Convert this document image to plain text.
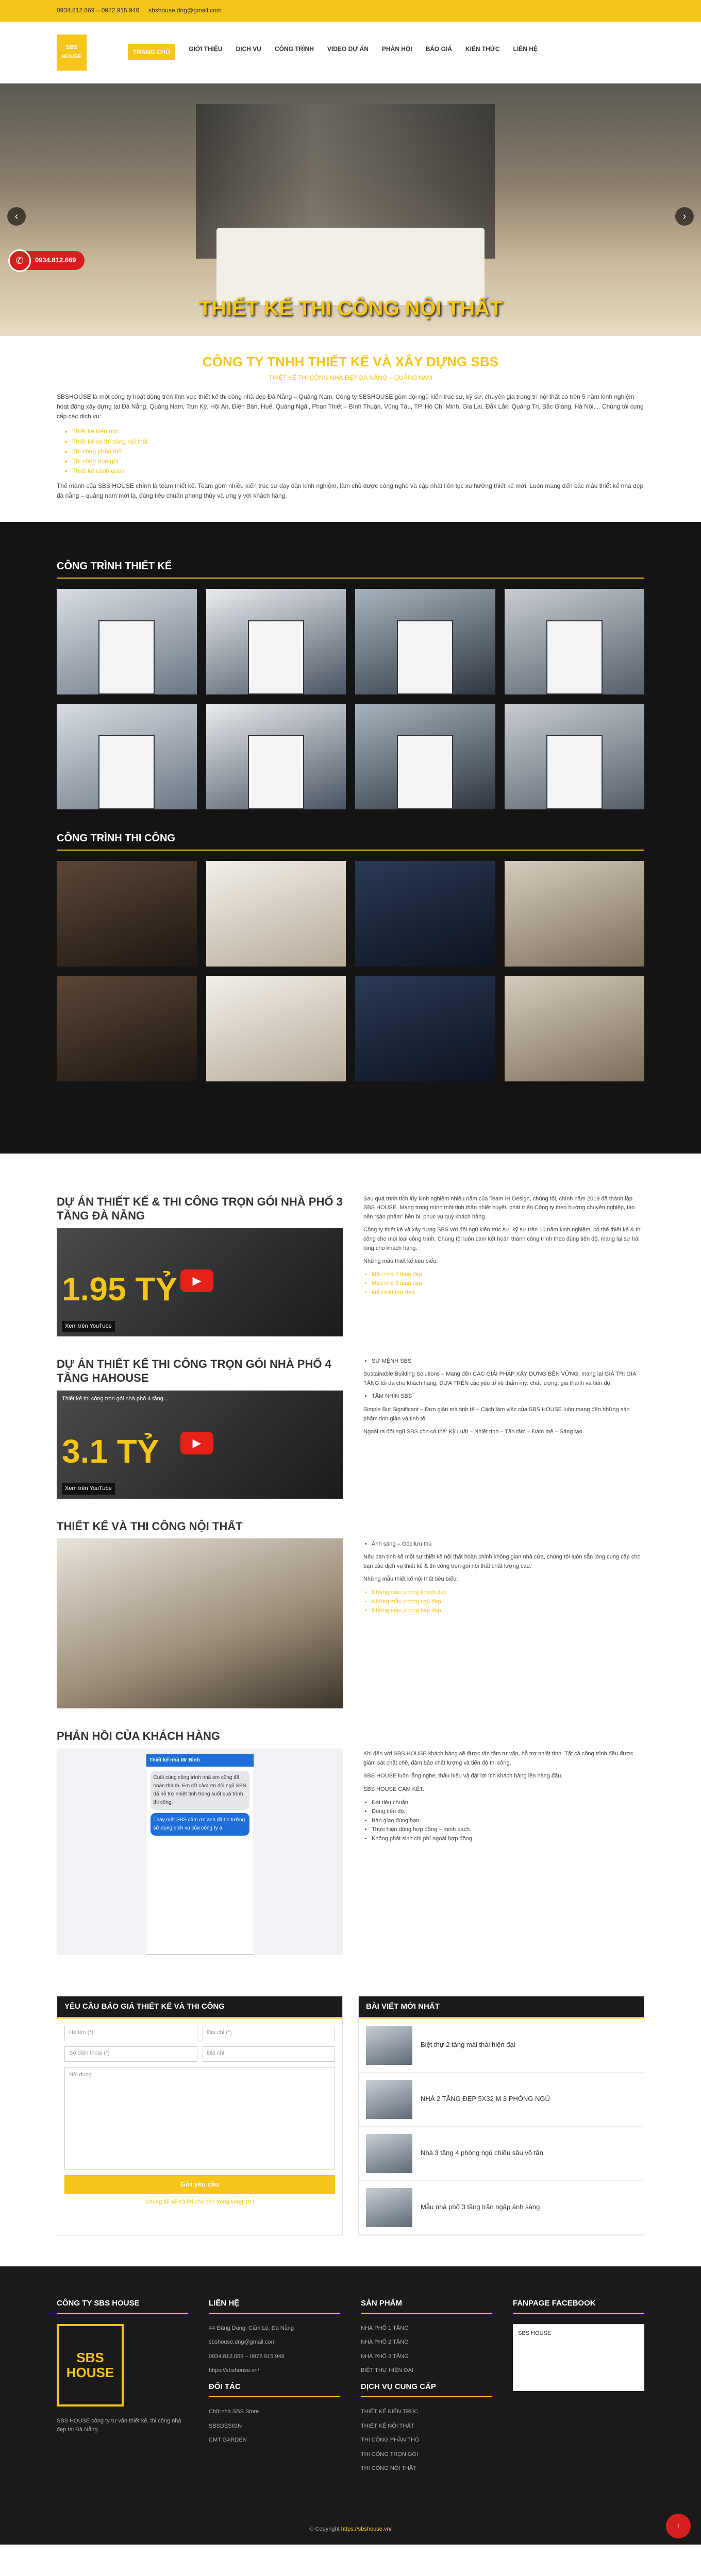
0934.812.669 – 0972.915.946 sbshouse.dng@gmail.com
SBS HOUSE
TRANG CHỦ	GIỚI THIỆU DỊCH VỤ CÔNG TRÌNH VIDEO DỰ ÁN PHẢN HỒI BÁO GIÁ KIẾN THỨC LIÊN HỆ
‹	›
✆	0934.812.669
THIẾT KẾ THI CÔNG NỘI THẤT
CÔNG TY TNHH THIẾT KẾ VÀ XÂY DỰNG SBS
THIẾT KẾ THI CÔNG NHÀ ĐẸP ĐÀ NẴNG – QUẢNG NAM

SBSHOUSE là một công ty hoạt động trên lĩnh vực thiết kế thi công nhà đẹp Đà Nẵng – Quảng Nam. Công ty SBSHOUSE gồm đội ngũ kiến trúc sư, kỹ sư, chuyên gia trong trí nội thất có trên 5 năm kinh nghiệm hoạt động xây dựng tại Đà Nẵng, Quảng Nam, Tam Kỳ, Hội An, Điện Bàn, Huế, Quảng Ngãi, Phan Thiết – Bình Thuận, Vũng Tàu, TP. Hồ Chí Minh, Gia Lai, Đắk Lắk, Quảng Trị, Bắc Giang, Hà Nội,... Chúng tôi cung cấp các dịch vụ:

• Thiết kế kiến trúc
• Thiết kế và thi công nội thất
• Thi công phần thô
• Thi công trọn gói
• Thiết kế cảnh quan

Thế mạnh của SBS HOUSE chính là team thiết kế. Team gồm nhiều kiến trúc sư dày dặn kinh nghiệm, làm chủ được công nghệ và cập nhật liên tục xu hướng thiết kế mới. Luôn mang đến các mẫu thiết kế nhà đẹp đà nẵng – quảng nam mới lạ, đúng tiêu chuẩn phong thủy và ưng ý với khách hàng.

CÔNG TRÌNH THIẾT KẾ
CÔNG TRÌNH THI CÔNG
DỰ ÁN THIẾT KẾ & THI CÔNG TRỌN GÓI NHÀ PHỐ 3 TẦNG ĐÀ NẴNG
1.95 TỶ	▶
Xem trên YouTube

Sau quá trình tích lũy kinh nghiệm nhiều năm của Team IH Design, chúng tôi, chính năm 2019 đã thành lập SBS HOUSE. Mang trong mình một tinh thần nhiệt huyết, phát triển Công ty theo hướng chuyên nghiệp, tạo nên “sản phẩm” bền bỉ, phục vụ quý khách hàng.

Công ty thiết kế và xây dựng SBS với đội ngũ kiến trúc sư, kỹ sư trên 10 năm kinh nghiệm, có thể thiết kế & thi công cho mọi loại công trình. Chúng tôi luôn cam kết hoàn thành công trình theo đúng tiến độ, mang lại sự hài lòng cho khách hàng.

Những mẫu thiết kế tiêu biểu:

• Mẫu nhà 2 tầng đẹp
• Mẫu nhà 3 tầng đẹp
• Mẫu biệt thự đẹp
DỰ ÁN THIẾT KẾ THI CÔNG TRỌN GÓI NHÀ PHỐ 4 TẦNG HAHOUSE
Thiết kế thi công trọn gói nhà phố 4 tầng...
3.1 TỶ	▶
Xem trên YouTube
• SỨ MỆNH SBS

Sustainable Building Solutions – Mang đến CÁC GIẢI PHÁP XÂY DỰNG BỀN VỮNG, mang lại GIÁ TRỊ GIA TĂNG tối đa cho khách hàng, DỰA TRÊN các yếu tố về thẩm mỹ, chất lượng, giá thành và tiến độ.

• TẦM NHÌN SBS

Simple But Significant – Đơn giản mà tinh tế – Cách làm việc của SBS HOUSE luôn mang đến những sản phẩm tinh giản và tinh tế.

Ngoài ra đội ngũ SBS còn có thể: Kỹ Luật – Nhiệt tình – Tận tâm – Đam mê – Sáng tạo.

THIẾT KẾ VÀ THI CÔNG NỘI THẤT
• Ánh sáng – Góc lưu thú

Nếu bạn tính kế một sự thiết kế nội thất hoàn chỉnh không gian nhà cửa, chúng tôi luôn sẵn lòng cung cấp cho bạn các dịch vụ thiết kế & thi công trọn gói nội thất chất lượng cao.

Những mẫu thiết kế nội thất tiêu biểu:

• Những mẫu phòng khách đẹp
• Những mẫu phòng ngủ đẹp
• Những mẫu phòng bếp đẹp
PHẢN HỒI CỦA KHÁCH HÀNG
Thiết kế nhà Mr Bình
Cuối cùng công trình nhà em cũng đã hoàn thành. Em rất cảm ơn đội ngũ SBS đã hỗ trợ nhiệt tình trong suốt quá trình thi công.
Thay mặt SBS cảm ơn anh đã tin tưởng sử dụng dịch vụ của công ty ạ.

Khi đến với SBS HOUSE khách hàng sẽ được tận tâm tư vấn, hỗ trợ nhiệt tình. Tất cả công trình đều được giám sát chặt chẽ, đảm bảo chất lượng và tiến độ thi công.

SBS HOUSE luôn lắng nghe, thấu hiểu và đặt lợi ích khách hàng lên hàng đầu.

SBS HOUSE CAM KẾT:

• Đạt tiêu chuẩn.
• Đúng tiến độ.
• Bàn giao đúng hạn.
• Thực hiện đúng hợp đồng – minh bạch.
• Không phát sinh chi phí ngoài hợp đồng.
YÊU CẦU BÁO GIÁ THIẾT KẾ VÀ THI CÔNG
Họ tên (*)	Địa chỉ (*)
Số điện thoại (*)	Địa chỉ
Nội dung
Gửi yêu cầu
Chúng tôi sẽ trả lời cho bạn trong vòng 1h !
BÀI VIẾT MỚI NHẤT
Biệt thự 2 tầng mái thái hiện đại
NHÀ 2 TẦNG ĐẸP 5X32 M 3 PHÒNG NGỦ
Nhà 3 tầng 4 phòng ngủ chiều sâu vô tận
Mẫu nhà phố 3 tầng trần ngập ánh sáng
CÔNG TY SBS HOUSE
SBS HOUSE
SBS HOUSE công ty tư vấn thiết kế, thi công nhà đẹp tại Đà Nẵng.
LIÊN HỆ
44 Đăng Dung, Cẩm Lệ, Đà Nẵng
sbshouse.dng@gmail.com
0934.812.669 – 0972.915.946
https://sbshouse.vn/
ĐỐI TÁC
Chữ nhà SBS Store
SBSDESIGN
CMT GARDEN
SẢN PHẨM
NHÀ PHỐ 1 TẦNG
NHÀ PHỐ 2 TẦNG
NHÀ PHỐ 3 TẦNG
BIỆT THỰ HIỆN ĐẠI
DỊCH VỤ CUNG CẤP
THIẾT KẾ KIẾN TRÚC
THIẾT KẾ NỘI THẤT
THI CÔNG PHẦN THÔ
THI CÔNG TRỌN GÓI
THI CÔNG NỘI THẤT
FANPAGE FACEBOOK
SBS HOUSE
© Copyright https://sbshouse.vn/	↑
